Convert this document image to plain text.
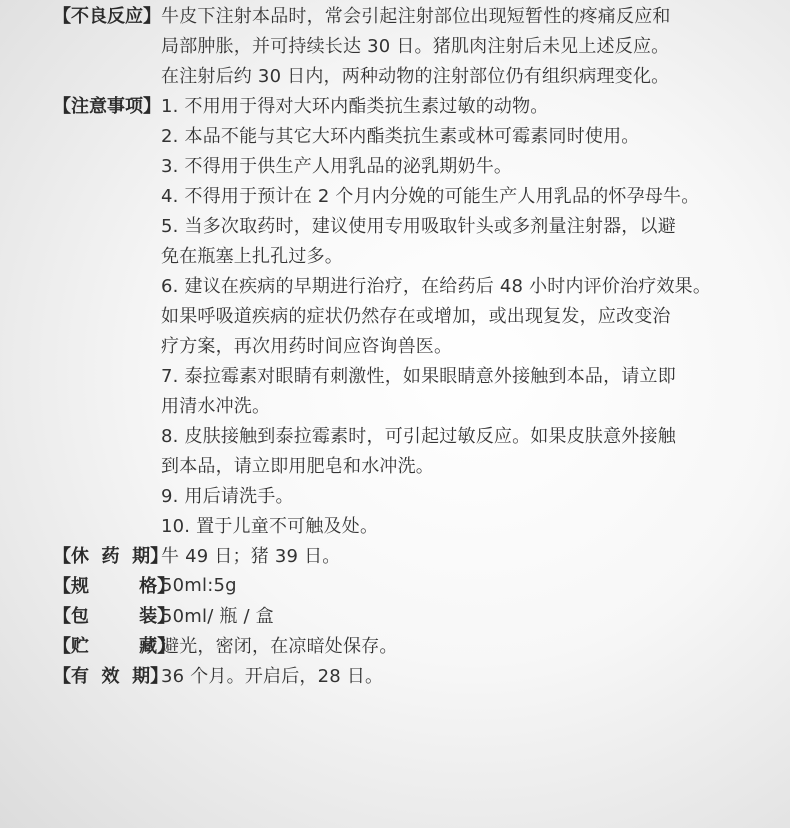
【不良反应】 牛皮下注射本品时，常会引起注射部位出现短暂性的疼痛反应和
局部肿胀，并可持续长达 30 日。猪肌肉注射后未见上述反应。
在注射后约 30 日内，两种动物的注射部位仍有组织病理变化。
【注意事项】 1. 不用用于得对大环内酯类抗生素过敏的动物。
2. 本品不能与其它大环内酯类抗生素或林可霉素同时使用。
3. 不得用于供生产人用乳品的泌乳期奶牛。
4. 不得用于预计在 2 个月内分娩的可能生产人用乳品的怀孕母牛。
5. 当多次取药时，建议使用专用吸取针头或多剂量注射器，以避
免在瓶塞上扎孔过多。
6. 建议在疾病的早期进行治疗，在给药后 48 小时内评价治疗效果。
如果呼吸道疾病的症状仍然存在或增加，或出现复发，应改变治
疗方案，再次用药时间应咨询兽医。
7. 泰拉霉素对眼睛有刺激性，如果眼睛意外接触到本品，请立即
用清水冲洗。
8. 皮肤接触到泰拉霉素时，可引起过敏反应。如果皮肤意外接触
到本品，请立即用肥皂和水冲洗。
9. 用后请洗手。
10. 置于儿童不可触及处。
【休  药  期】
牛 49 日；猪 39 日。
【规        格】
50ml:5g
【包        装】
50ml/ 瓶 / 盒
【贮        藏】
避光，密闭，在凉暗处保存。
【有  效  期】
36 个月。开启后，28 日。
